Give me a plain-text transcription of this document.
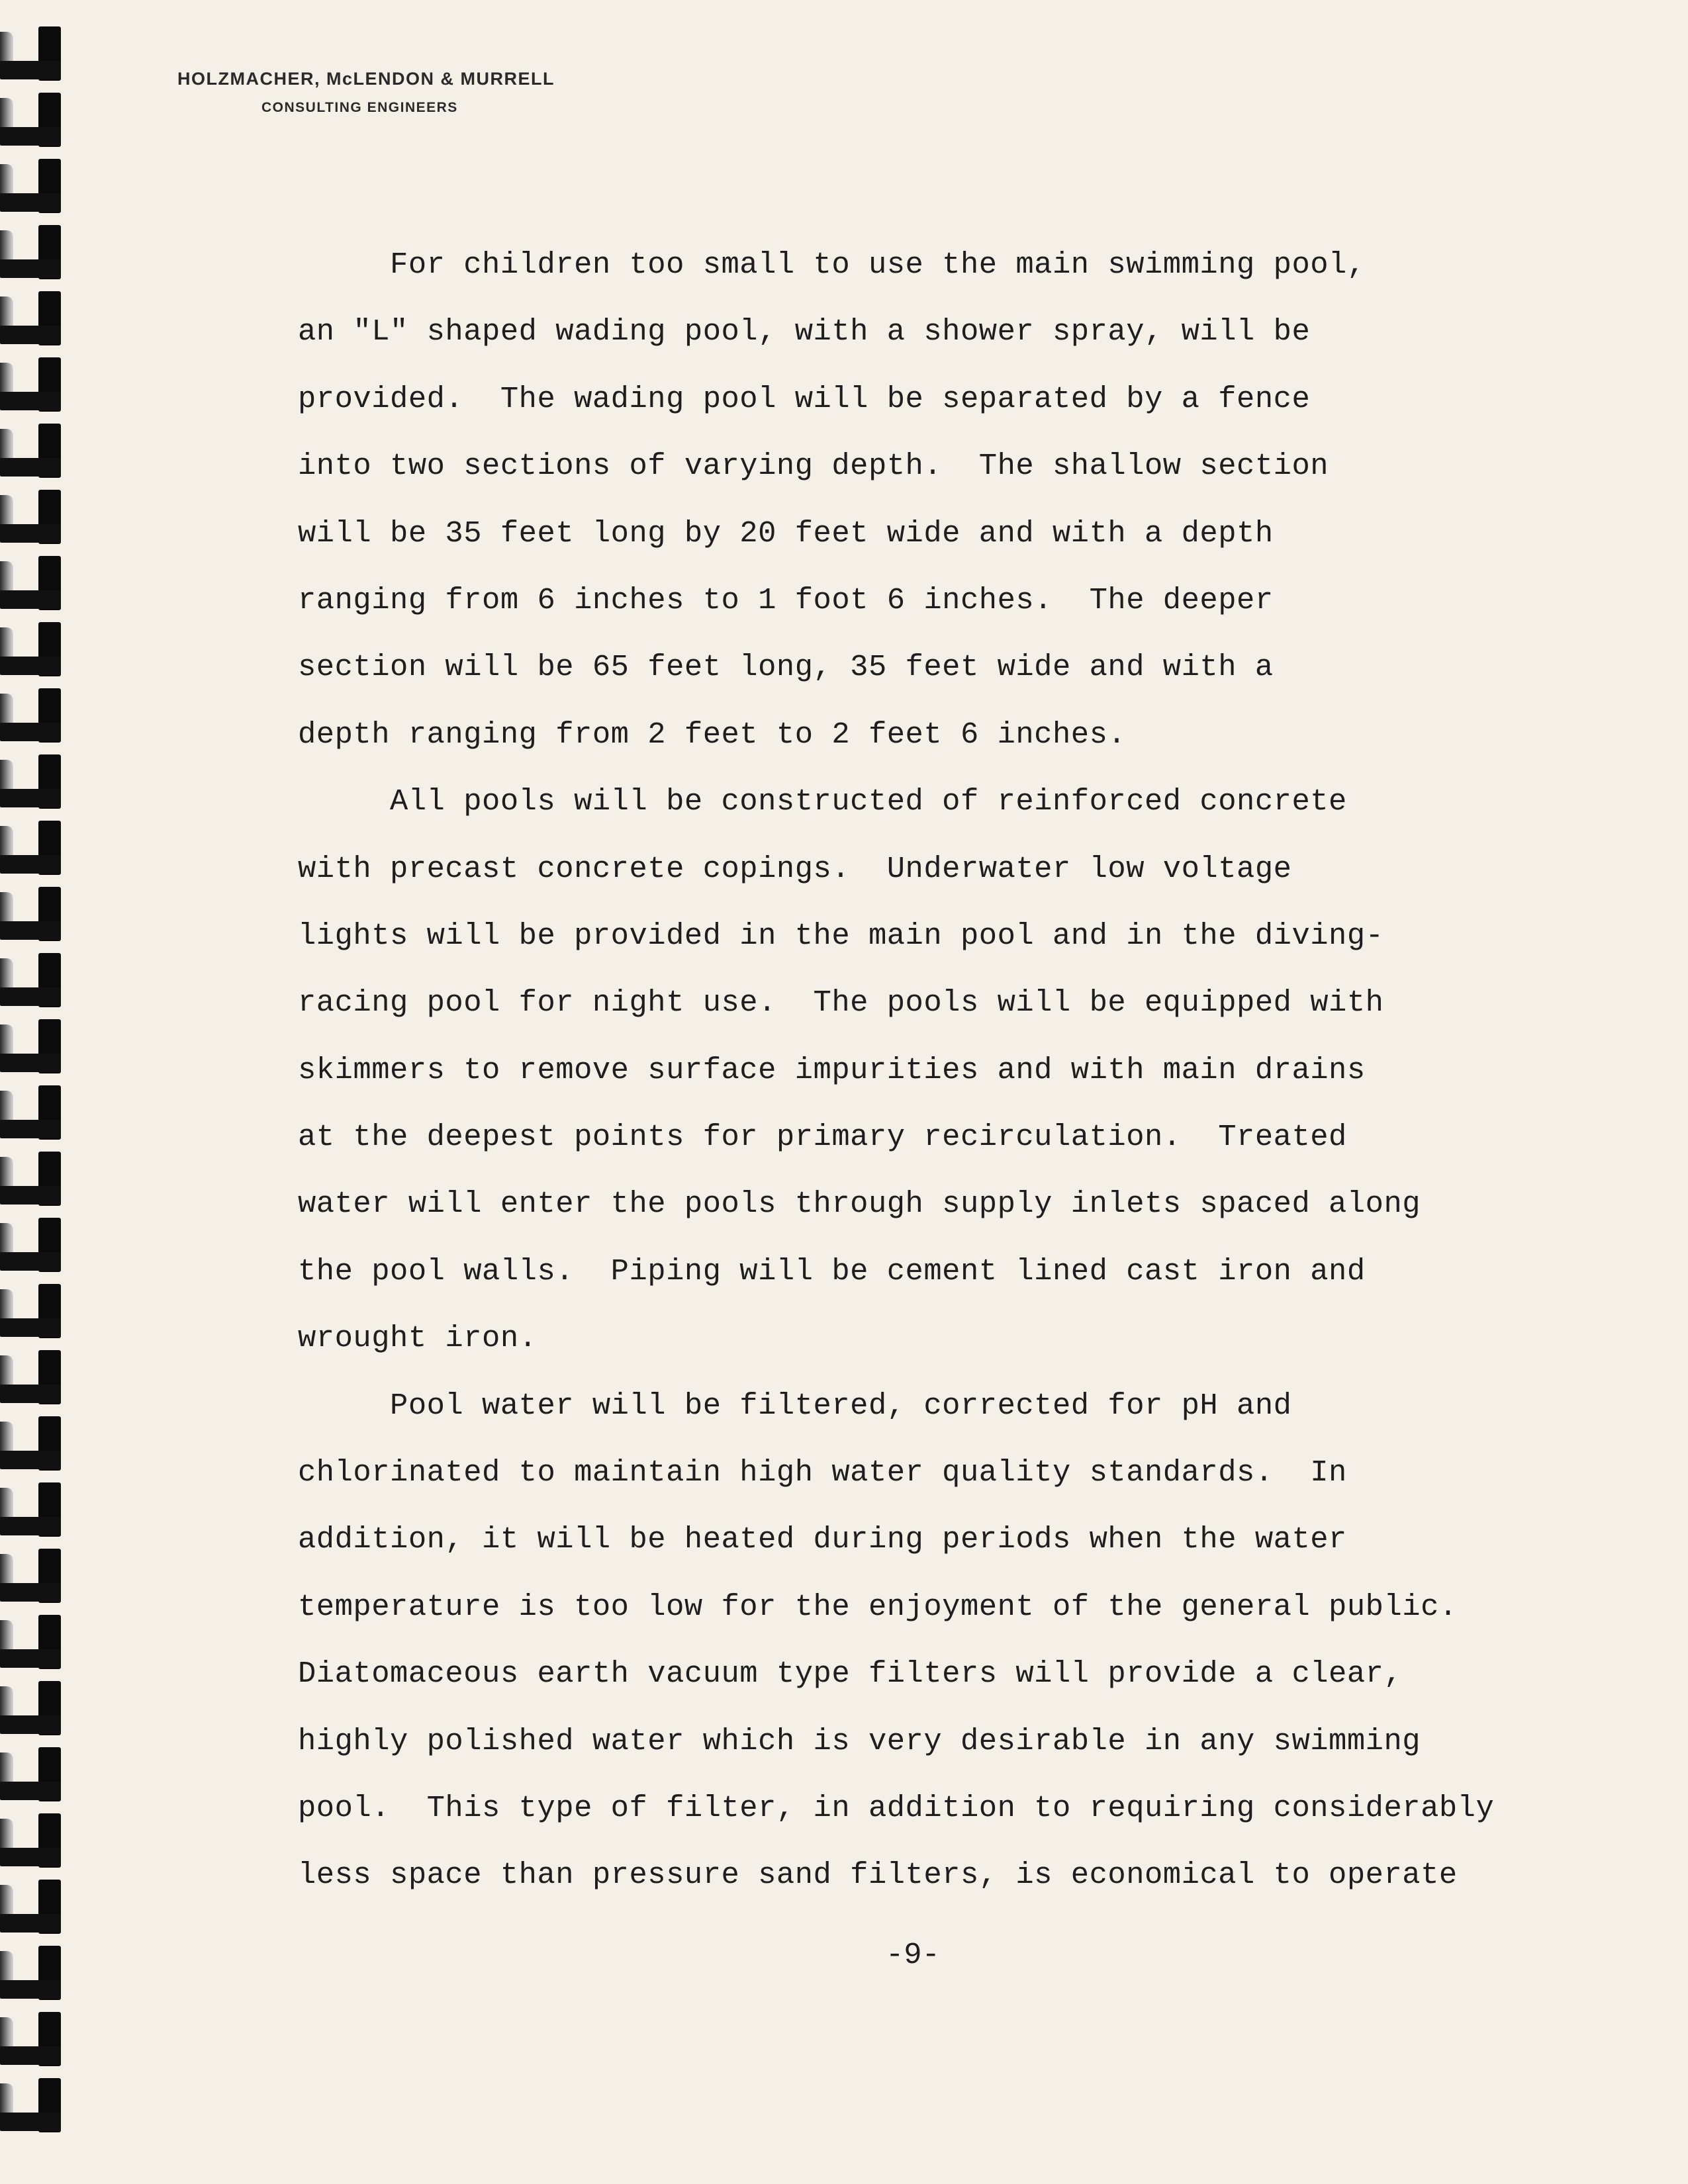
HOLZMACHER, McLENDON & MURRELL
CONSULTING ENGINEERS
For children too small to use the main swimming pool,
an "L" shaped wading pool, with a shower spray, will be
provided.  The wading pool will be separated by a fence
into two sections of varying depth.  The shallow section
will be 35 feet long by 20 feet wide and with a depth
ranging from 6 inches to 1 foot 6 inches.  The deeper
section will be 65 feet long, 35 feet wide and with a
depth ranging from 2 feet to 2 feet 6 inches.
All pools will be constructed of reinforced concrete
with precast concrete copings.  Underwater low voltage
lights will be provided in the main pool and in the diving-
racing pool for night use.  The pools will be equipped with
skimmers to remove surface impurities and with main drains
at the deepest points for primary recirculation.  Treated
water will enter the pools through supply inlets spaced along
the pool walls.  Piping will be cement lined cast iron and
wrought iron.
Pool water will be filtered, corrected for pH and
chlorinated to maintain high water quality standards.  In
addition, it will be heated during periods when the water
temperature is too low for the enjoyment of the general public.
Diatomaceous earth vacuum type filters will provide a clear,
highly polished water which is very desirable in any swimming
pool.  This type of filter, in addition to requiring considerably
less space than pressure sand filters, is economical to operate
-9-
